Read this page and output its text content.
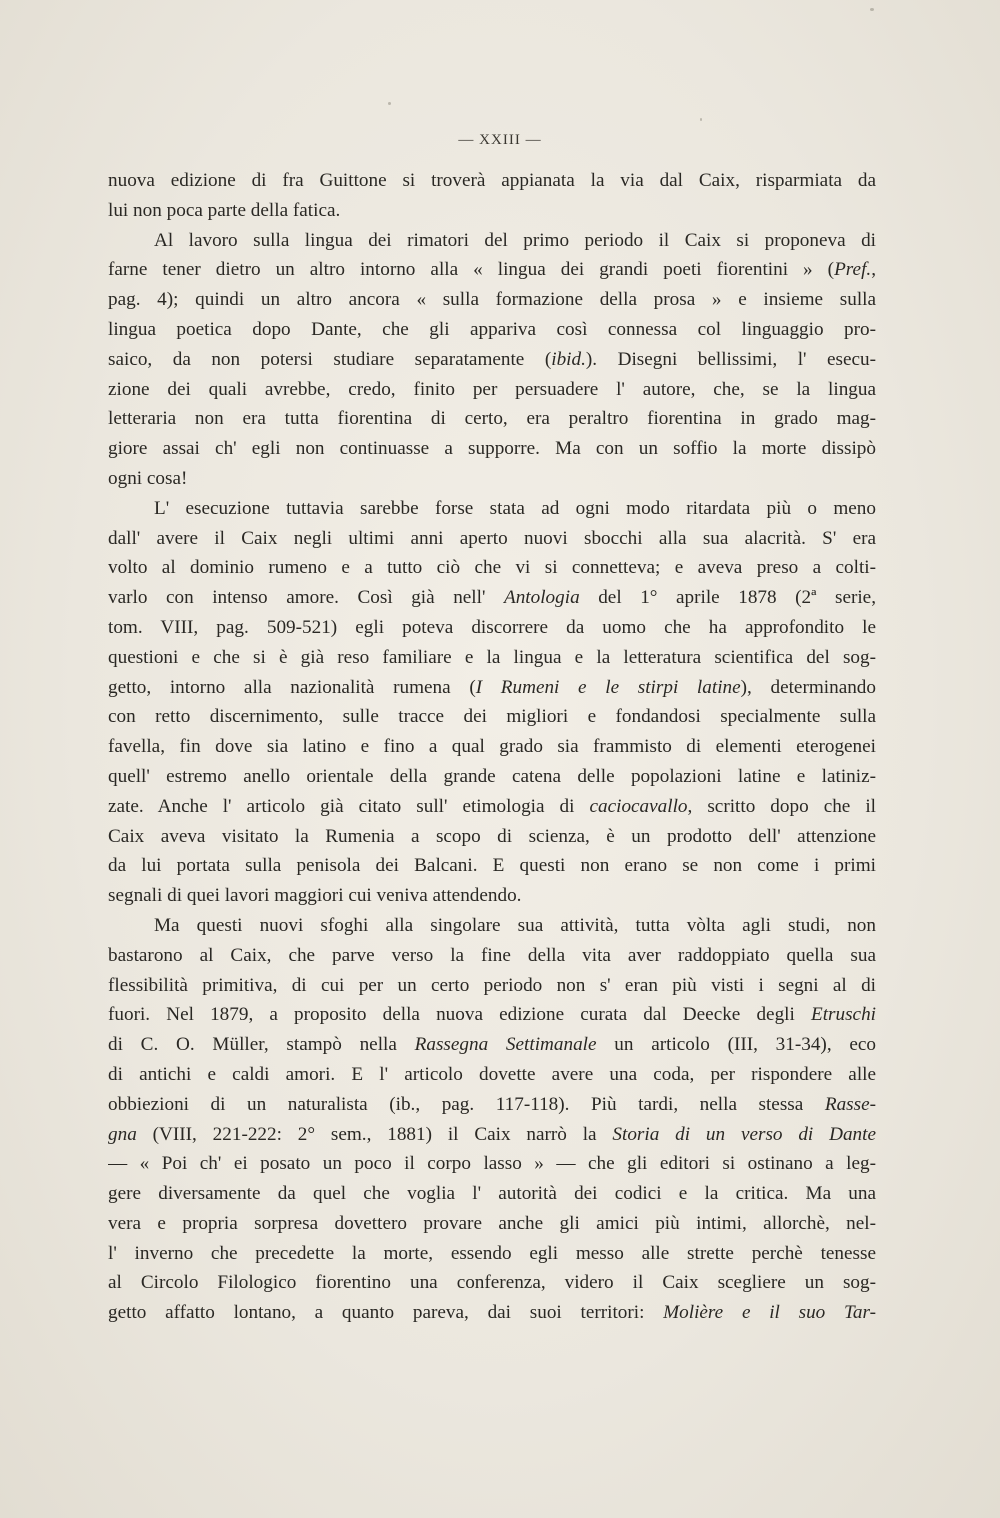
— XXIII —
nuova edizione di fra Guittone si troverà appianata la via dal Caix, risparmiata da
lui non poca parte della fatica.
Al lavoro sulla lingua dei rimatori del primo periodo il Caix si proponeva di
farne tener dietro un altro intorno alla « lingua dei grandi poeti fiorentini » (Pref.,
pag. 4); quindi un altro ancora « sulla formazione della prosa » e insieme sulla
lingua poetica dopo Dante, che gli appariva così connessa col linguaggio pro-
saico, da non potersi studiare separatamente (ibid.). Disegni bellissimi, l' esecu-
zione dei quali avrebbe, credo, finito per persuadere l' autore, che, se la lingua
letteraria non era tutta fiorentina di certo, era peraltro fiorentina in grado mag-
giore assai ch' egli non continuasse a supporre. Ma con un soffio la morte dissipò
ogni cosa!
L' esecuzione tuttavia sarebbe forse stata ad ogni modo ritardata più o meno
dall' avere il Caix negli ultimi anni aperto nuovi sbocchi alla sua alacrità. S' era
volto al dominio rumeno e a tutto ciò che vi si connetteva; e aveva preso a colti-
varlo con intenso amore. Così già nell' Antologia del 1° aprile 1878 (2ª serie,
tom. VIII, pag. 509-521) egli poteva discorrere da uomo che ha approfondito le
questioni e che si è già reso familiare e la lingua e la letteratura scientifica del sog-
getto, intorno alla nazionalità rumena (I Rumeni e le stirpi latine), determinando
con retto discernimento, sulle tracce dei migliori e fondandosi specialmente sulla
favella, fin dove sia latino e fino a qual grado sia frammisto di elementi eterogenei
quell' estremo anello orientale della grande catena delle popolazioni latine e latiniz-
zate. Anche l' articolo già citato sull' etimologia di caciocavallo, scritto dopo che il
Caix aveva visitato la Rumenia a scopo di scienza, è un prodotto dell' attenzione
da lui portata sulla penisola dei Balcani. E questi non erano se non come i primi
segnali di quei lavori maggiori cui veniva attendendo.
Ma questi nuovi sfoghi alla singolare sua attività, tutta vòlta agli studi, non
bastarono al Caix, che parve verso la fine della vita aver raddoppiato quella sua
flessibilità primitiva, di cui per un certo periodo non s' eran più visti i segni al di
fuori. Nel 1879, a proposito della nuova edizione curata dal Deecke degli Etruschi
di C. O. Müller, stampò nella Rassegna Settimanale un articolo (III, 31-34), eco
di antichi e caldi amori. E l' articolo dovette avere una coda, per rispondere alle
obbiezioni di un naturalista (ib., pag. 117-118). Più tardi, nella stessa Rasse-
gna (VIII, 221-222: 2° sem., 1881) il Caix narrò la Storia di un verso di Dante
— « Poi ch' ei posato un poco il corpo lasso » — che gli editori si ostinano a leg-
gere diversamente da quel che voglia l' autorità dei codici e la critica. Ma una
vera e propria sorpresa dovettero provare anche gli amici più intimi, allorchè, nel-
l' inverno che precedette la morte, essendo egli messo alle strette perchè tenesse
al Circolo Filologico fiorentino una conferenza, videro il Caix scegliere un sog-
getto affatto lontano, a quanto pareva, dai suoi territori: Molière e il suo Tar-
